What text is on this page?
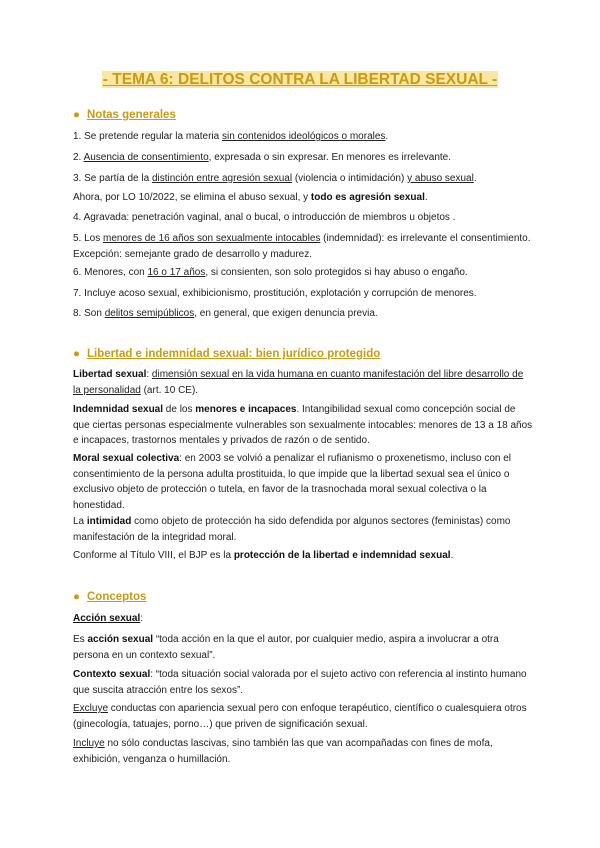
- TEMA 6: DELITOS CONTRA LA LIBERTAD SEXUAL -
● Notas generales
1. Se pretende regular la materia sin contenidos ideológicos o morales.
2. Ausencia de consentimiento, expresada o sin expresar. En menores es irrelevante.
3. Se partía de la distinción entre agresión sexual (violencia o intimidación) y abuso sexual.
Ahora, por LO 10/2022, se elimina el abuso sexual, y todo es agresión sexual.
4. Agravada: penetración vaginal, anal o bucal, o introducción de miembros u objetos .
5. Los menores de 16 años son sexualmente intocables (indemnidad): es irrelevante el consentimiento. Excepción: semejante grado de desarrollo y madurez.
6. Menores, con 16 o 17 años, si consienten, son solo protegidos si hay abuso o engaño.
7. Incluye acoso sexual, exhibicionismo, prostitución, explotación y corrupción de menores.
8. Son delitos semipúblicos, en general, que exigen denuncia previa.
● Libertad e indemnidad sexual: bien jurídico protegido
Libertad sexual: dimensión sexual en la vida humana en cuanto manifestación del libre desarrollo de la personalidad (art. 10 CE).
Indemnidad sexual de los menores e incapaces. Intangibilidad sexual como concepción social de que ciertas personas especialmente vulnerables son sexualmente intocables: menores de 13 a 18 años e incapaces, trastornos mentales y privados de razón o de sentido.
Moral sexual colectiva: en 2003 se volvió a penalizar el rufianismo o proxenetismo, incluso con el consentimiento de la persona adulta prostituida, lo que impide que la libertad sexual sea el único o exclusivo objeto de protección o tutela, en favor de la trasnochada moral sexual colectiva o la honestidad.
La intimidad como objeto de protección ha sido defendida por algunos sectores (feministas) como manifestación de la integridad moral.
Conforme al Título VIII, el BJP es la protección de la libertad e indemnidad sexual.
● Conceptos
Acción sexual:
Es acción sexual “toda acción en la que el autor, por cualquier medio, aspira a involucrar a otra persona en un contexto sexual”.
Contexto sexual: “toda situación social valorada por el sujeto activo con referencia al instinto humano que suscita atracción entre los sexos”.
Excluye conductas con apariencia sexual pero con enfoque terapéutico, científico o cualesquiera otros (ginecología, tatuajes, porno…) que priven de significación sexual.
Incluye no sólo conductas lascivas, sino también las que van acompañadas con fines de mofa, exhibición, venganza o humillación.
